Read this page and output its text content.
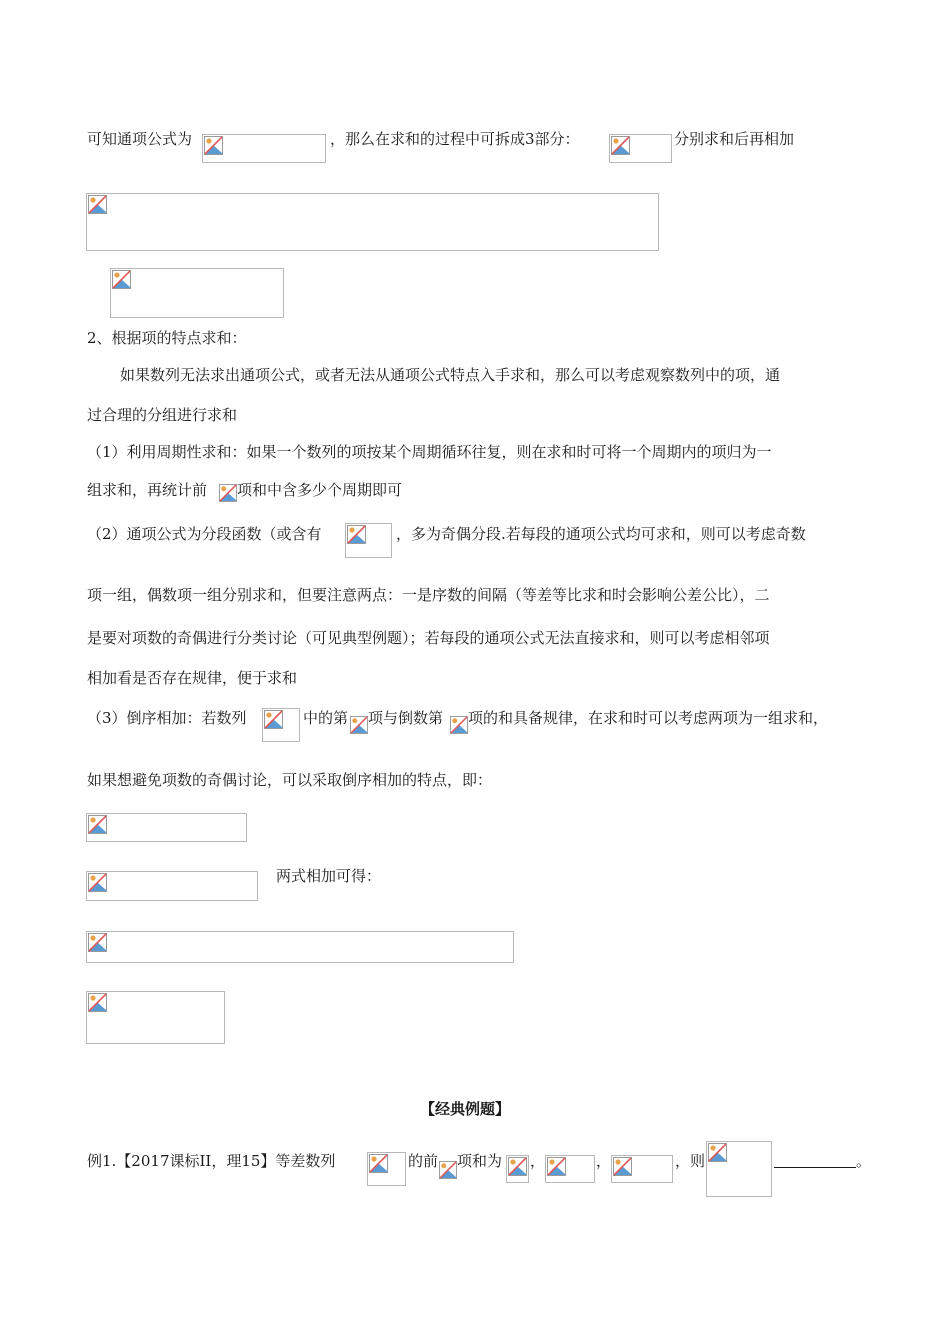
可知通项公式为	，那么在求和的过程中可拆成3部分：	分别求和后再相加
2、根据项的特点求和：
如果数列无法求出通项公式，或者无法从通项公式特点入手求和，那么可以考虑观察数列中的项，通
过合理的分组进行求和
（1）利用周期性求和：如果一个数列的项按某个周期循环往复，则在求和时可将一个周期内的项归为一
组求和，再统计前 项和中含多少个周期即可
（2）通项公式为分段函数（或含有	，多为奇偶分段.若每段的通项公式均可求和，则可以考虑奇数
项一组，偶数项一组分别求和，但要注意两点：一是序数的间隔（等差等比求和时会影响公差公比），二
是要对项数的奇偶进行分类讨论（可见典型例题）；若每段的通项公式无法直接求和，则可以考虑相邻项
相加看是否存在规律，便于求和
（3）倒序相加：若数列	中的第 项与倒数第 项的和具备规律，在求和时可以考虑两项为一组求和，
如果想避免项数的奇偶讨论，可以采取倒序相加的特点，即：
两式相加可得：
【经典例题】
例1.【2017课标II，理15】等差数列	的前 项和为 ，	，	，则	。
